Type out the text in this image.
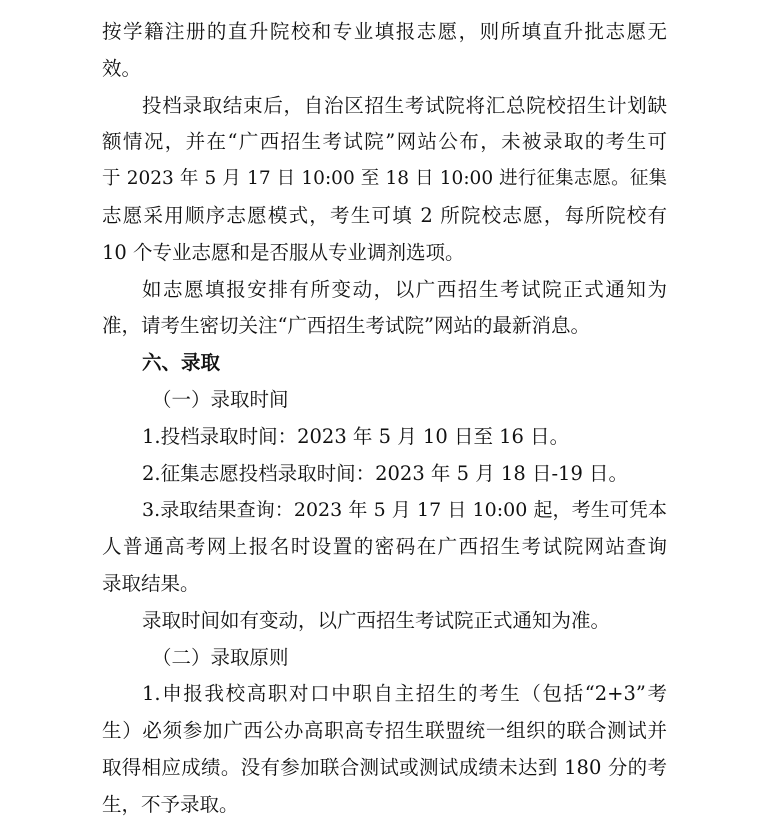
按学籍注册的直升院校和专业填报志愿，则所填直升批志愿无
效。
投档录取结束后，自治区招生考试院将汇总院校招生计划缺
额情况，并在“广西招生考试院”网站公布，未被录取的考生可
于 2023 年 5 月 17 日 10:00 至 18 日 10:00 进行征集志愿。征集
志愿采用顺序志愿模式，考生可填 2 所院校志愿，每所院校有
10 个专业志愿和是否服从专业调剂选项。
如志愿填报安排有所变动，以广西招生考试院正式通知为
准，请考生密切关注“广西招生考试院”网站的最新消息。
六、录取
（一）录取时间
1.投档录取时间：2023 年 5 月 10 日至 16 日。
2.征集志愿投档录取时间：2023 年 5 月 18 日-19 日。
3.录取结果查询：2023 年 5 月 17 日 10:00 起，考生可凭本
人普通高考网上报名时设置的密码在广西招生考试院网站查询
录取结果。
录取时间如有变动，以广西招生考试院正式通知为准。
（二）录取原则
1.申报我校高职对口中职自主招生的考生（包括“2+3”考
生）必须参加广西公办高职高专招生联盟统一组织的联合测试并
取得相应成绩。没有参加联合测试或测试成绩未达到 180 分的考
生，不予录取。
